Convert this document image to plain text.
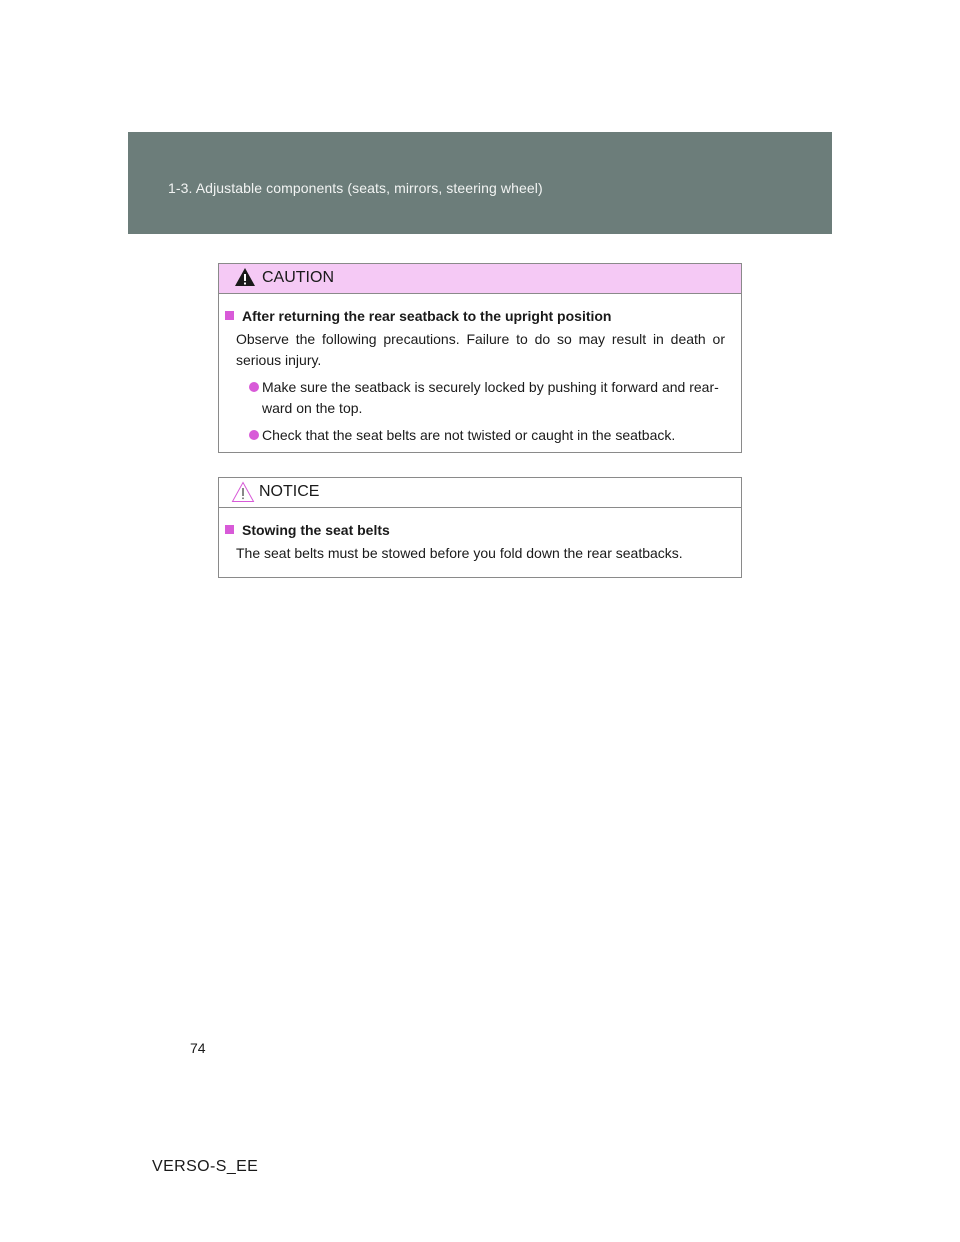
1-3. Adjustable components (seats, mirrors, steering wheel)
CAUTION
After returning the rear seatback to the upright position
Observe the following precautions. Failure to do so may result in death or serious injury.
Make sure the seatback is securely locked by pushing it forward and rear-ward on the top.
Check that the seat belts are not twisted or caught in the seatback.
NOTICE
Stowing the seat belts
The seat belts must be stowed before you fold down the rear seatbacks.
74
VERSO-S_EE
